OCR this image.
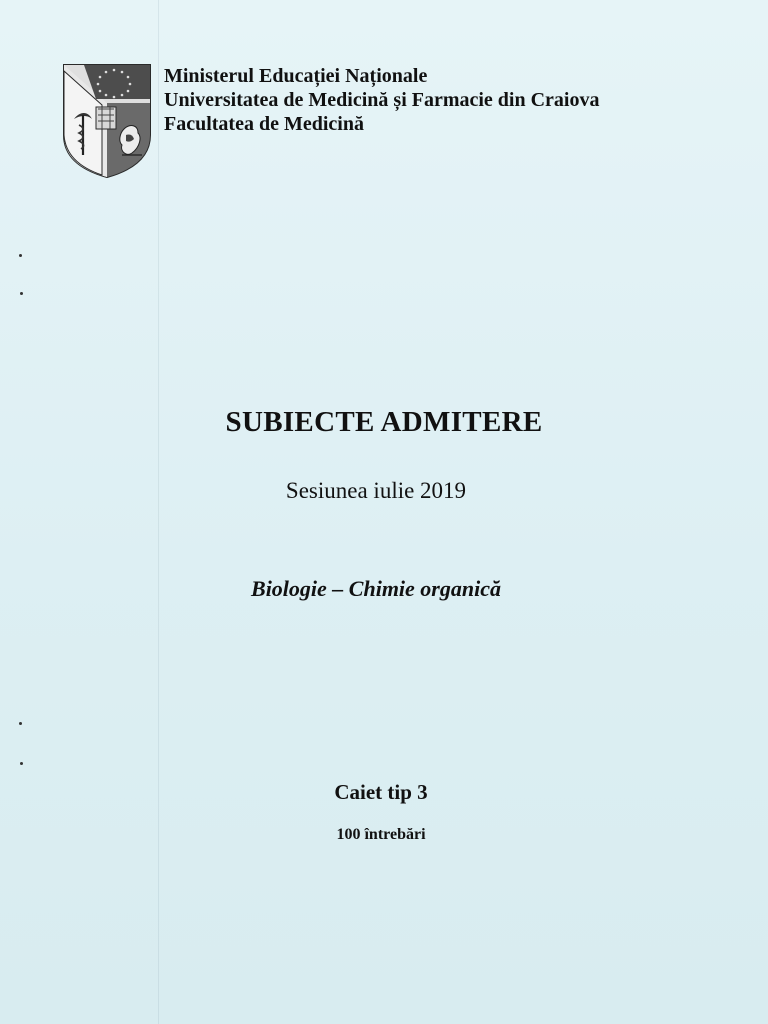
Ministerul Educației Naționale
Universitatea de Medicină și Farmacie din Craiova
Facultatea de Medicină
SUBIECTE ADMITERE
Sesiunea iulie 2019
Biologie – Chimie organică
Caiet tip 3
100 întrebări
